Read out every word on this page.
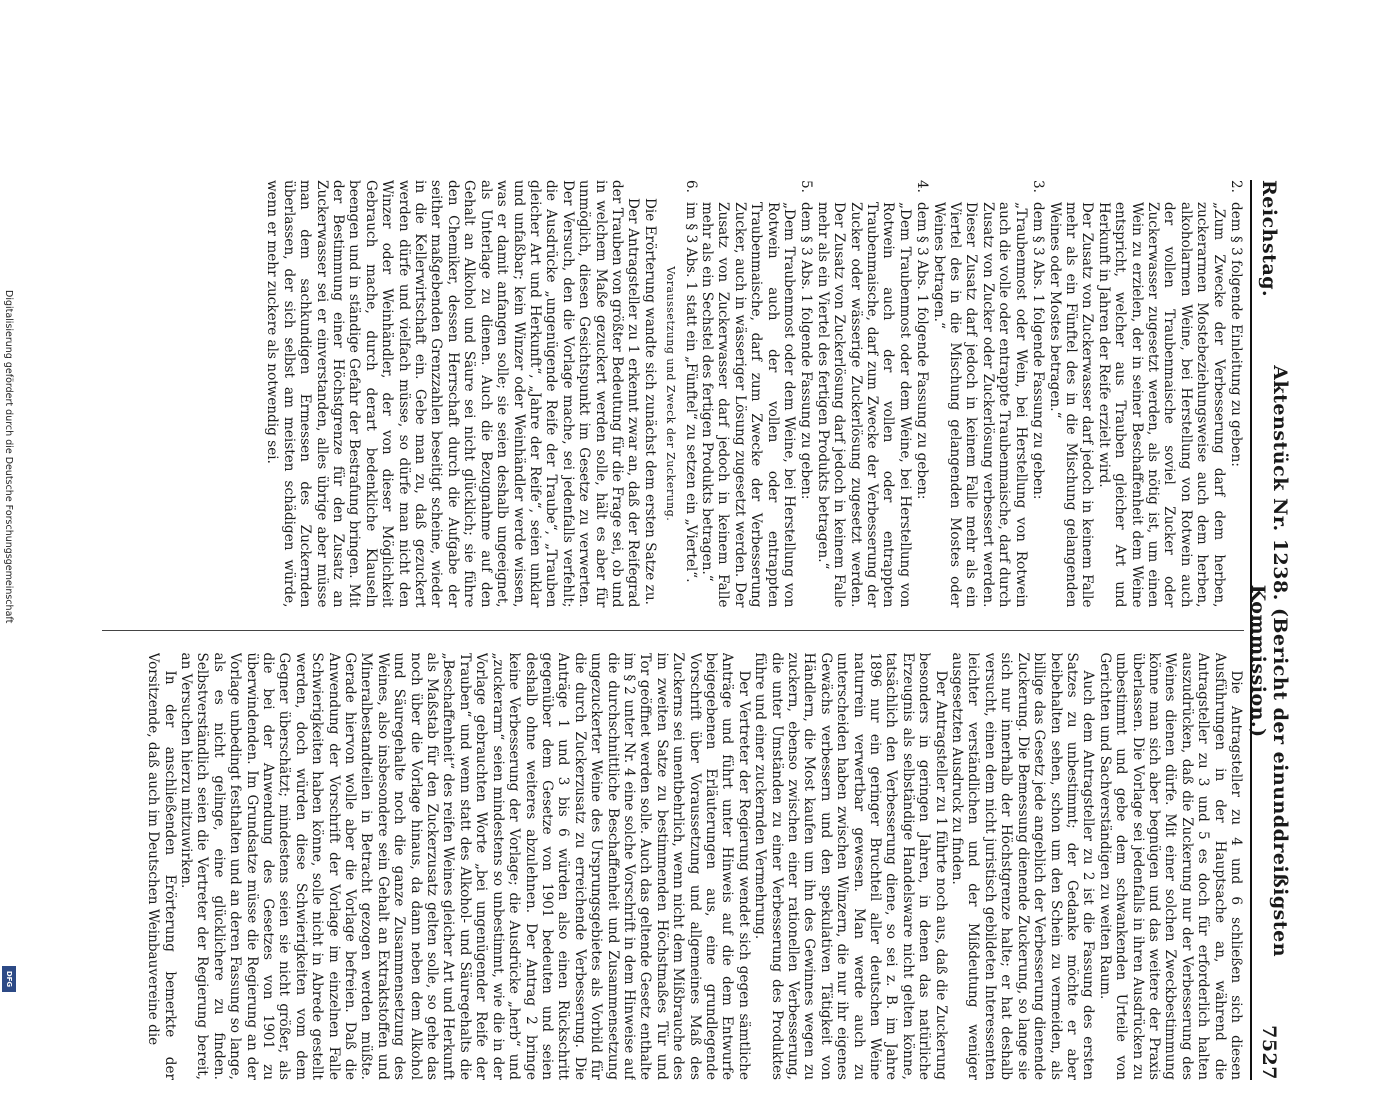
Digitalisierung gefördert durch die Deutsche Forschungsgemeinschaft
DFG
Reichstag.
Aktenstück Nr. 1238. (Bericht der einunddreißigsten Kommission.)
7527
2.dem § 3 folgende Einleitung zu geben:

„Zum Zwecke der Verbesserung darf dem herben, zuckerarmen Mostebeziehungsweise auch dem herben, alkoholarmen Weine, bei Herstellung von Rotwein auch der vollen Traubenmaische soviel Zucker oder Zuckerwasser zugesetzt werden, als nötig ist, um einen Wein zu erzielen, der in seiner Beschaffenheit dem Weine entspricht, welcher aus Trauben gleicher Art und Herkunft in Jahren der Reife erzielt wird.

Der Zusatz von Zuckerwasser darf jedoch in keinem Falle mehr als ein Fünftel des in die Mischung gelangenden Weines oder Mostes betragen.“

3.dem § 3 Abs. 1 folgende Fassung zu geben:

„Traubenmost oder Wein, bei Herstellung von Rotwein auch die volle oder entrappte Traubenmaische, darf durch Zusatz von Zucker oder Zuckerlösung verbessert werden. Dieser Zusatz darf jedoch in keinem Falle mehr als ein Viertel des in die Mischung gelangenden Mostes oder Weines betragen.“

4.dem § 3 Abs. 1 folgende Fassung zu geben:

„Dem Traubenmost oder dem Weine, bei Herstellung von Rotwein auch der vollen oder entrappten Traubenmaische, darf zum Zwecke der Verbesserung der Zucker oder wässerige Zuckerlösung zugesetzt werden. Der Zusatz von Zuckerlösung darf jedoch in keinem Falle mehr als ein Viertel des fertigen Produkts betragen.“

5.dem § 3 Abs. 1 folgende Fassung zu geben:

„Dem Traubenmost oder dem Weine, bei Herstellung von Rotwein auch der vollen oder entrappten Traubenmaische, darf zum Zwecke der Verbesserung Zucker, auch in wässeriger Lösung zugesetzt werden. Der Zusatz von Zuckerwasser darf jedoch in keinem Falle mehr als ein Sechstel des fertigen Produkts betragen.“

6.im § 3 Abs. 1 statt ein „Fünftel“ zu setzen ein „Viertel“.
Voraussetzung und Zweck der Zuckerung.

Die Erörterung wandte sich zunächst dem ersten Satze zu.

Der Antragsteller zu 1 erkennt zwar an, daß der Reifegrad der Trauben von größter Bedeutung für die Frage sei, ob und in welchem Maße gezuckert werden solle, hält es aber für unmöglich, diesen Gesichtspunkt im Gesetze zu verwerten. Der Versuch, den die Vorlage mache, sei jedenfalls verfehlt; die Ausdrücke „ungenügende Reife der Traube“, „Trauben gleicher Art und Herkunft“, „Jahre der Reife“, seien unklar und unfaßbar; kein Winzer oder Weinhändler werde wissen, was er damit anfangen solle; sie seien deshalb ungeeignet, als Unterlage zu dienen. Auch die Bezugnahme auf den Gehalt an Alkohol und Säure sei nicht glücklich; sie führe den Chemiker, dessen Herrschaft durch die Aufgabe der seither maßgebenden Grenzzahlen beseitigt scheine, wieder in die Kellerwirtschaft ein. Gebe man zu, daß gezuckert werden dürfe und vielfach müsse, so dürfe man nicht den Winzer oder Weinhändler, der von dieser Möglichkeit Gebrauch mache, durch derart bedenkliche Klauseln beengen und in ständige Gefahr der Bestrafung bringen. Mit der Bestimmung einer Höchstgrenze für den Zusatz an Zuckerwasser sei er einverstanden, alles übrige aber müsse man dem sachkundigen Ermessen des Zuckernden überlassen, der sich selbst am meisten schädigen würde, wenn er mehr zuckere als notwendig sei.

Die Antragsteller zu 4 und 6 schließen sich diesen Ausführungen in der Hauptsache an, während die Antragsteller zu 3 und 5 es doch für erforderlich halten auszudrücken, daß die Zuckerung nur der Verbesserung des Weines dienen dürfe. Mit einer solchen Zweckbestimmung könne man sich aber begnügen und das weitere der Praxis überlassen. Die Vorlage sei jedenfalls in ihren Ausdrücken zu unbestimmt und gebe dem schwankenden Urteile von Gerichten und Sachverständigen zu weiten Raum.

Auch dem Antragsteller zu 2 ist die Fassung des ersten Satzes zu unbestimmt; der Gedanke möchte er aber beibehalten sehen, schon um den Schein zu vermeiden, als billige das Gesetz jede angeblich der Verbesserung dienende Zuckerung. Die Bemessung dienende Zuckerung, so lange sie sich nur innerhalb der Höchstgrenze halte; er hat deshalb versucht, einen dem nicht juristisch gebildeten Interessenten leichter verständlichen und der Mißdeutung weniger ausgesetzten Ausdruck zu finden.

Der Antragsteller zu 1 führte noch aus, daß die Zuckerung besonders in geringen Jahren, in denen das natürliche Erzeugnis als selbständige Handelsware nicht gelten könne, tatsächlich den Verbesserung diene, so sei z. B. im Jahre 1896 nur ein geringer Bruchteil aller deutschen Weine naturrein verwertbar gewesen. Man werde auch zu unterscheiden haben zwischen Winzern, die nur ihr eigenes Gewächs verbessern und den spekulativen Tätigkeit von Händlern, die Most kaufen um ihn des Gewinnes wegen zu zuckern, ebenso zwischen einer rationellen Verbesserung, die unter Umständen zu einer Verbesserung des Produktes führe und einer zuckernden Vermehrung.

Der Vertreter der Regierung wendet sich gegen sämtliche Anträge und führt unter Hinweis auf die dem Entwurfe beigegebenen Erläuterungen aus, eine grundlegende Vorschrift über Voraussetzung und allgemeines Maß des Zuckerns sei unentbehrlich, wenn nicht dem Mißbrauche des im zweiten Satze zu bestimmenden Höchstmaßes Tür und Tor geöffnet werden solle. Auch das geltende Gesetz enthalte im § 2 unter Nr. 4 eine solche Vorschrift in dem Hinweise auf die durchschnittliche Beschaffenheit und Zusammensetzung ungezuckerter Weine des Ursprungsgebietes als Vorbild für die durch Zuckerzusatz zu erreichende Verbesserung. Die Anträge 1 und 3 bis 6 würden also einen Rückschritt gegenüber dem Gesetze von 1901 bedeuten und seien deshalb ohne weiteres abzulehnen. Der Antrag 2 bringe keine Verbesserung der Vorlage; die Ausdrücke „herb“ und „zuckerarm“ seien mindestens so unbestimmt, wie die in der Vorlage gebrauchten Worte „bei ungenügender Reife der Trauben“ und wenn statt des Alkohol- und Säuregehalts die „Beschaffenheit“ des reifen Weines gleicher Art und Herkunft als Maßstab für den Zuckerzusatz gelten solle, so gehe das noch über die Vorlage hinaus, da dann neben dem Alkohol und Säuregehalte noch die ganze Zusammensetzung des Weines, also insbesondere sein Gehalt an Extraktstoffen und Mineralbestandteilen in Betracht gezogen werden müßte. Gerade hiervon wolle aber die Vorlage befreien. Daß die Anwendung der Vorschrift der Vorlage im einzelnen Falle Schwierigkeiten haben könne, solle nicht in Abrede gestellt werden, doch würden diese Schwierigkeiten vom dem Gegner überschätzt; mindestens seien sie nicht größer, als die bei der Anwendung des Gesetzes von 1901 zu überwindenden. Im Grundsatze müsse die Regierung an der Vorlage unbedingt festhalten und an deren Fassung so lange, als es nicht gelinge, eine glücklichere zu finden. Selbstverständlich seien die Vertreter der Regierung bereit, an Versuchen hierzu mitzuwirken.

In der anschließenden Erörterung bemerkte der Vorsitzende, daß auch im Deutschen Weinbauvereine die
